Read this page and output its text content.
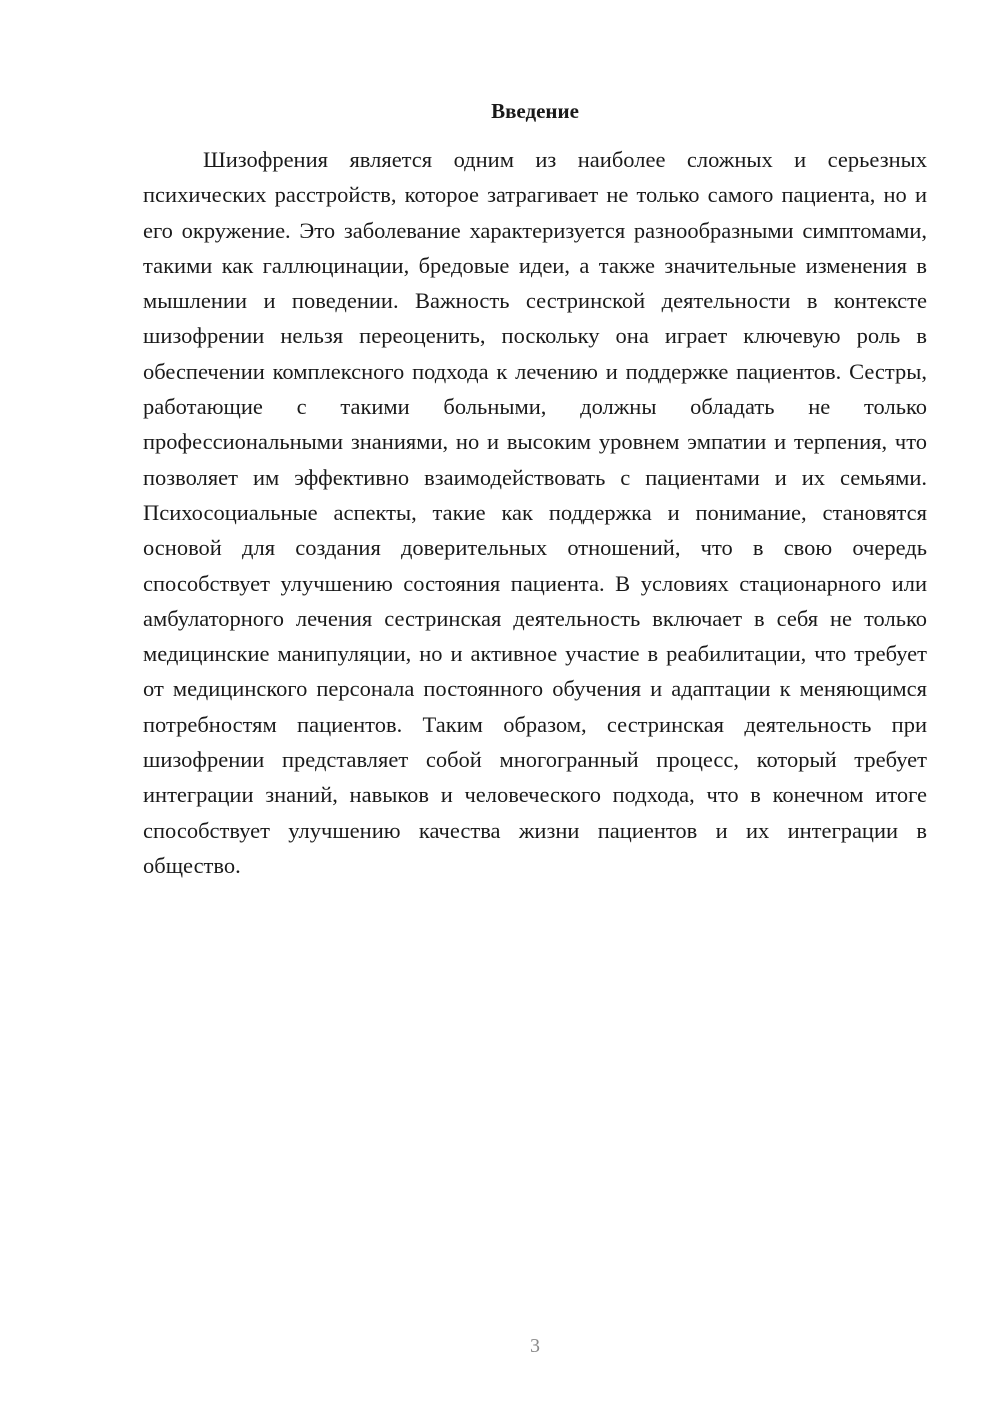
Введение

Шизофрения является одним из наиболее сложных и серьезных психических расстройств, которое затрагивает не только самого пациента, но и его окружение. Это заболевание характеризуется разнообразными симптомами, такими как галлюцинации, бредовые идеи, а также значительные изменения в мышлении и поведении. Важность сестринской деятельности в контексте шизофрении нельзя переоценить, поскольку она играет ключевую роль в обеспечении комплексного подхода к лечению и поддержке пациентов. Сестры, работающие с такими больными, должны обладать не только профессиональными знаниями, но и высоким уровнем эмпатии и терпения, что позволяет им эффективно взаимодействовать с пациентами и их семьями. Психосоциальные аспекты, такие как поддержка и понимание, становятся основой для создания доверительных отношений, что в свою очередь способствует улучшению состояния пациента. В условиях стационарного или амбулаторного лечения сестринская деятельность включает в себя не только медицинские манипуляции, но и активное участие в реабилитации, что требует от медицинского персонала постоянного обучения и адаптации к меняющимся потребностям пациентов. Таким образом, сестринская деятельность при шизофрении представляет собой многогранный процесс, который требует интеграции знаний, навыков и человеческого подхода, что в конечном итоге способствует улучшению качества жизни пациентов и их интеграции в общество.

3
